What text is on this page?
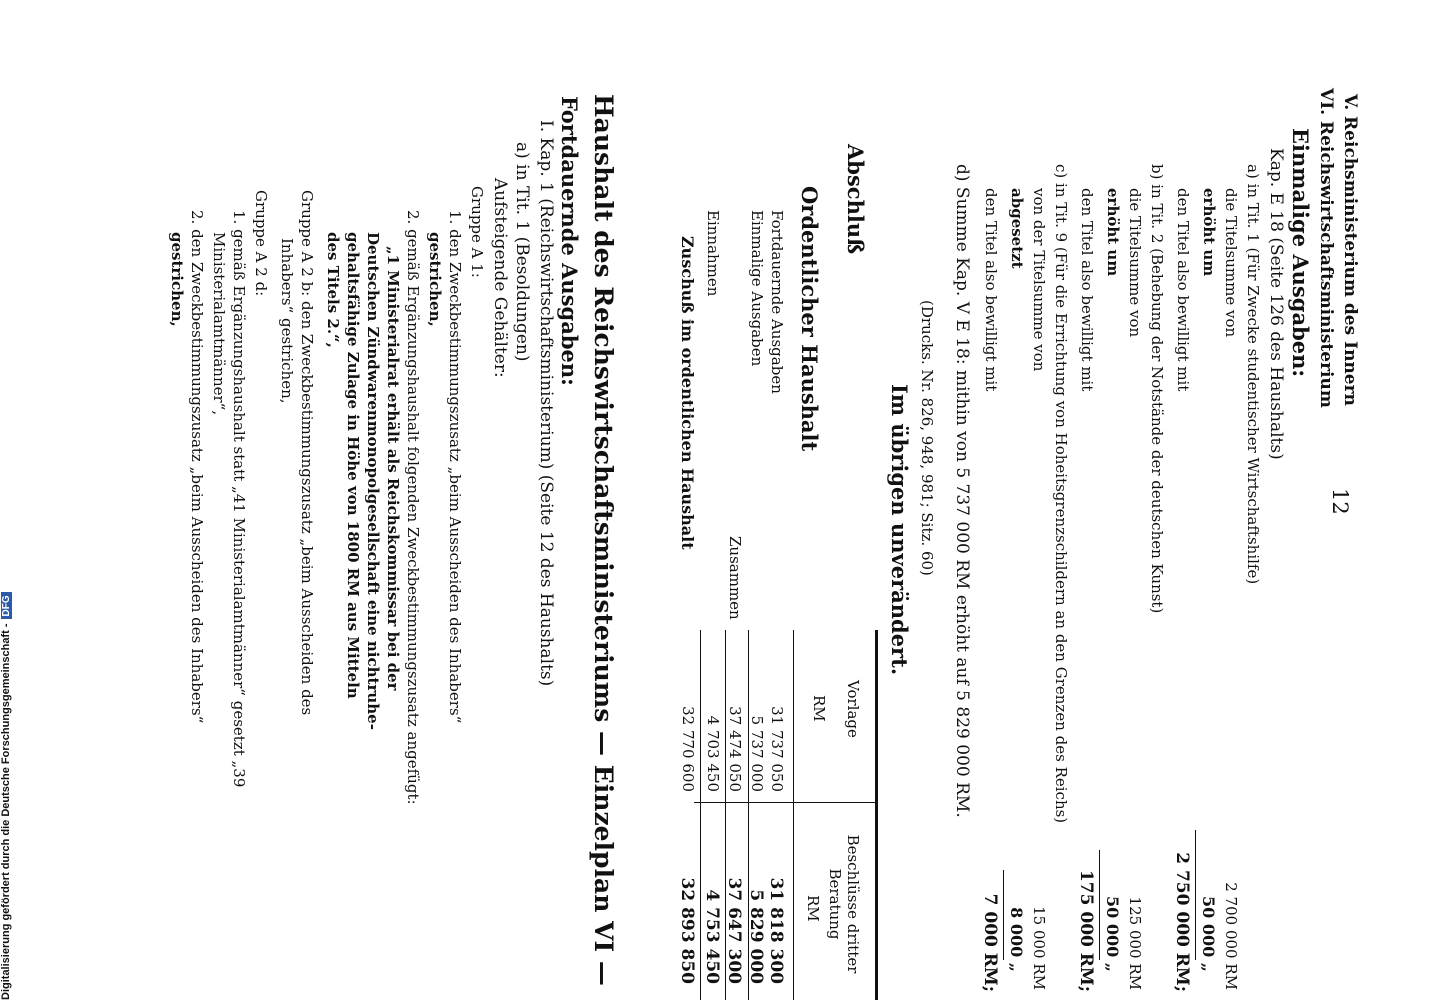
V. Reichsministerium des Innern
VI. Reichswirtschaftsministerium
12
Einmalige Ausgaben:
Kap. E 18 (Seite 126 des Haushalts)
a) in Tit. 1 (Für Zwecke studentischer Wirtschaftshilfe)
die Titelsumme von
2 700 000 RM
erhöht um
50 000 „
den Titel also bewilligt mit
2 750 000 RM;
b) in Tit. 2 (Behebung der Notstände der deutschen Kunst)
die Titelsumme von
125 000 RM
erhöht um
50 000 „
den Titel also bewilligt mit
175 000 RM;
c) in Tit. 9 (Für die Errichtung von Hoheitsgrenzschildern an den Grenzen des Reichs)
von der Titelsumme von
15 000 RM
abgesetzt
8 000 „
den Titel also bewilligt mit
7 000 RM;
d) Summe Kap. V E 18: mithin von 5 737 000 RM erhöht auf 5 829 000 RM.
(Drucks. Nr. 826, 948, 981; Sitz. 60)
Im übrigen unverändert.
Abschluß
Ordentlicher Haushalt
Vorlage
RM
Beschlüsse dritter Beratung
RM
Fortdauernde Ausgaben
31 737 050
31 818 300
Einmalige Ausgaben
5 737 000
5 829 000
Zusammen
37 474 050
37 647 300
Einnahmen
4 703 450
4 753 450
Zuschuß im ordentlichen Haushalt
32 770 600
32 893 850
Haushalt des Reichswirtschaftsministeriums — Einzelplan VI —
Fortdauernde Ausgaben:
I. Kap. 1 (Reichswirtschaftsministerium) (Seite 12 des Haushalts)
a) in Tit. 1 (Besoldungen)
Aufsteigende Gehälter:
Gruppe A 1:
1. den Zweckbestimmungszusatz „beim Ausscheiden des Inhabers“
gestrichen,
2. gemäß Ergänzungshaushalt folgenden Zweckbestimmungszusatz angefügt:
„1 Ministerialrat erhält als Reichskommissar bei der
Deutschen Zündwarenmonopolgesellschaft eine nichtruhe-
gehaltsfähige Zulage in Höhe von 1800 RM aus Mitteln
des Titels 2.“,
Gruppe A 2 b: den Zweckbestimmungszusatz „beim Ausscheiden des
Inhabers“ gestrichen,
Gruppe A 2 d:
1. gemäß Ergänzungshaushalt statt „41 Ministerialamtmänner“ gesetzt „39
Ministerialamtmänner“,
2. den Zweckbestimmungszusatz „beim Ausscheiden des Inhabers“
gestrichen,
Digitalisierung gefördert durch die Deutsche Forschungsgemeinschaft -DFG
